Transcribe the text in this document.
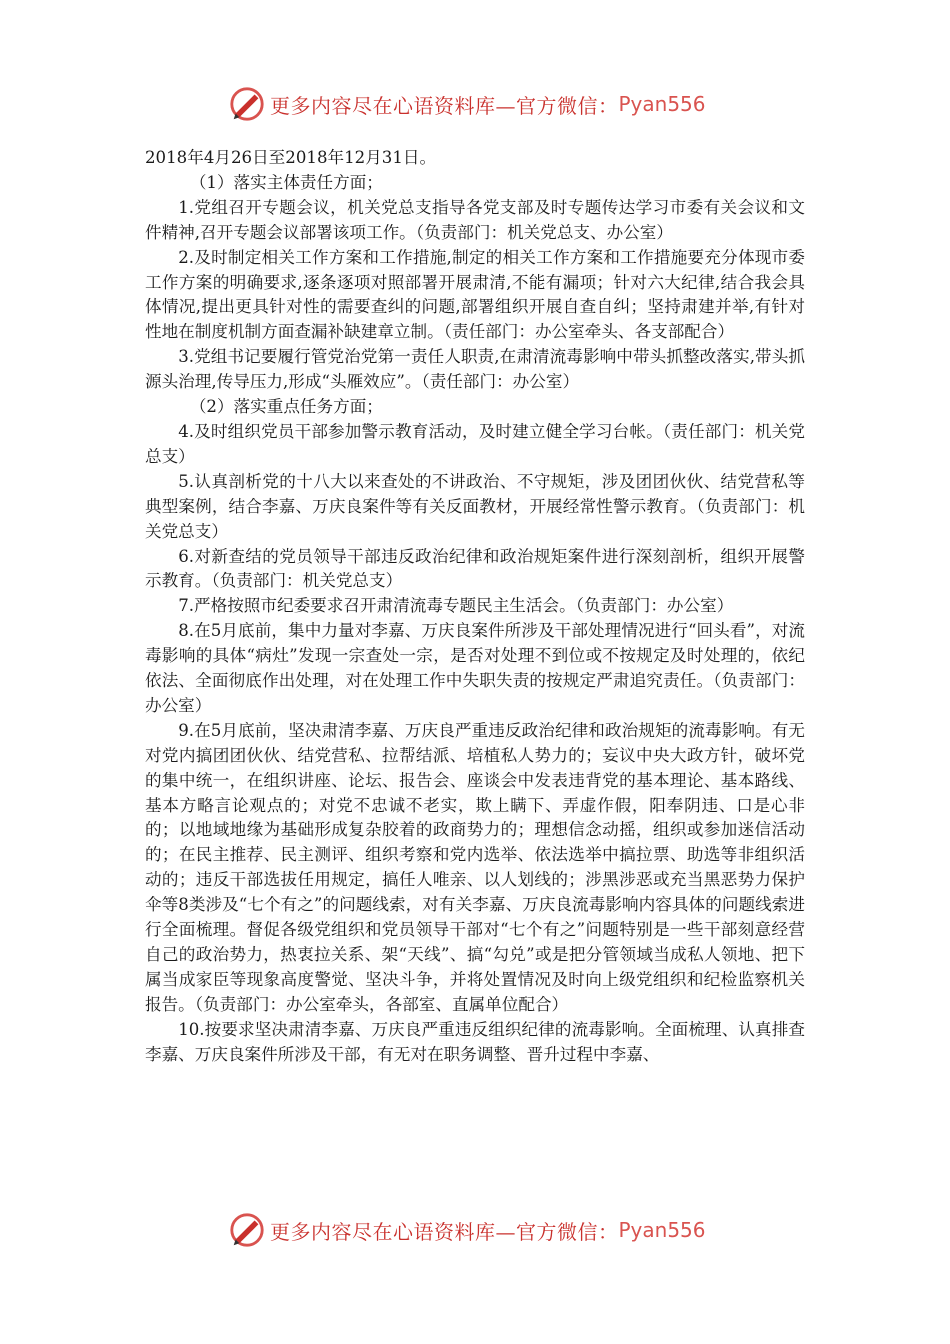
更多内容尽在心语资料库—官方微信： Pyan556

2018年4月26日至2018年12月31日。

（1）落实主体责任方面；

1.党组召开专题会议，机关党总支指导各党支部及时专题传达学习市委有关会议和文件精神,召开专题会议部署该项工作。（负责部门：机关党总支、办公室）

2.及时制定相关工作方案和工作措施,制定的相关工作方案和工作措施要充分体现市委工作方案的明确要求,逐条逐项对照部署开展肃清,不能有漏项；针对六大纪律,结合我会具体情况,提出更具针对性的需要查纠的问题,部署组织开展自查自纠；坚持肃建并举,有针对性地在制度机制方面查漏补缺建章立制。（责任部门：办公室牵头、各支部配合）

3.党组书记要履行管党治党第一责任人职责,在肃清流毒影响中带头抓整改落实,带头抓源头治理,传导压力,形成“头雁效应”。（责任部门：办公室）

（2）落实重点任务方面；

4.及时组织党员干部参加警示教育活动，及时建立健全学习台帐。（责任部门：机关党总支）

5.认真剖析党的十八大以来查处的不讲政治、不守规矩，涉及团团伙伙、结党营私等典型案例，结合李嘉、万庆良案件等有关反面教材，开展经常性警示教育。（负责部门：机关党总支）

6.对新查结的党员领导干部违反政治纪律和政治规矩案件进行深刻剖析，组织开展警示教育。（负责部门：机关党总支）

7.严格按照市纪委要求召开肃清流毒专题民主生活会。（负责部门：办公室）

8.在5月底前，集中力量对李嘉、万庆良案件所涉及干部处理情况进行“回头看”，对流毒影响的具体“病灶”发现一宗查处一宗，是否对处理不到位或不按规定及时处理的，依纪依法、全面彻底作出处理，对在处理工作中失职失责的按规定严肃追究责任。（负责部门：办公室）

9.在5月底前，坚决肃清李嘉、万庆良严重违反政治纪律和政治规矩的流毒影响。有无对党内搞团团伙伙、结党营私、拉帮结派、培植私人势力的；妄议中央大政方针，破坏党的集中统一，在组织讲座、论坛、报告会、座谈会中发表违背党的基本理论、基本路线、基本方略言论观点的；对党不忠诚不老实，欺上瞒下、弄虚作假，阳奉阴违、口是心非的；以地域地缘为基础形成复杂胶着的政商势力的；理想信念动摇，组织或参加迷信活动的；在民主推荐、民主测评、组织考察和党内选举、依法选举中搞拉票、助选等非组织活动的；违反干部选拔任用规定，搞任人唯亲、以人划线的；涉黑涉恶或充当黑恶势力保护伞等8类涉及“七个有之”的问题线索，对有关李嘉、万庆良流毒影响内容具体的问题线索进行全面梳理。督促各级党组织和党员领导干部对“七个有之”问题特别是一些干部刻意经营自己的政治势力，热衷拉关系、架“天线”、搞“勾兑”或是把分管领域当成私人领地、把下属当成家臣等现象高度警觉、坚决斗争，并将处置情况及时向上级党组织和纪检监察机关报告。（负责部门：办公室牵头，各部室、直属单位配合）

10.按要求坚决肃清李嘉、万庆良严重违反组织纪律的流毒影响。全面梳理、认真排查李嘉、万庆良案件所涉及干部，有无对在职务调整、晋升过程中李嘉、

更多内容尽在心语资料库—官方微信： Pyan556
